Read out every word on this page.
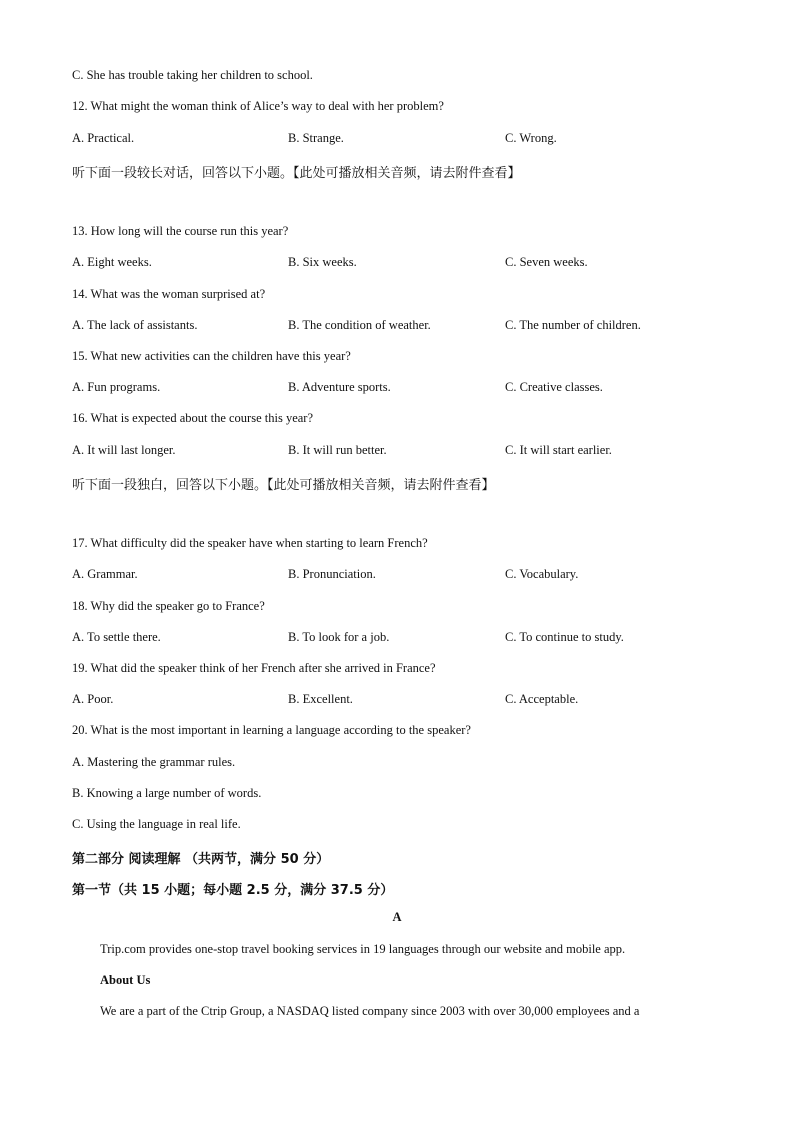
C. She has trouble taking her children to school.
12. What might the woman think of Alice’s way to deal with her problem?
A. Practical.	B. Strange.	C. Wrong.
听下面一段较长对话，回答以下小题。【此处可播放相关音频，请去附件查看】
13. How long will the course run this year?
A. Eight weeks.	B. Six weeks.	C. Seven weeks.
14. What was the woman surprised at?
A. The lack of assistants.	B. The condition of weather.	C. The number of children.
15. What new activities can the children have this year?
A. Fun programs.	B. Adventure sports.	C. Creative classes.
16. What is expected about the course this year?
A. It will last longer.	B. It will run better.	C. It will start earlier.
听下面一段独白，回答以下小题。【此处可播放相关音频，请去附件查看】
17. What difficulty did the speaker have when starting to learn French?
A. Grammar.	B. Pronunciation.	C. Vocabulary.
18. Why did the speaker go to France?
A. To settle there.	B. To look for a job.	C. To continue to study.
19. What did the speaker think of her French after she arrived in France?
A. Poor.	B. Excellent.	C. Acceptable.
20. What is the most important in learning a language according to the speaker?
A. Mastering the grammar rules.
B. Knowing a large number of words.
C. Using the language in real life.
第二部分 阅读理解 （共两节，满分 50 分）
第一节（共 15 小题；每小题 2.5 分，满分 37.5 分）
A
Trip.com provides one-stop travel booking services in 19 languages through our website and mobile app.
About Us
We are a part of the Ctrip Group, a NASDAQ listed company since 2003 with over 30,000 employees and a
